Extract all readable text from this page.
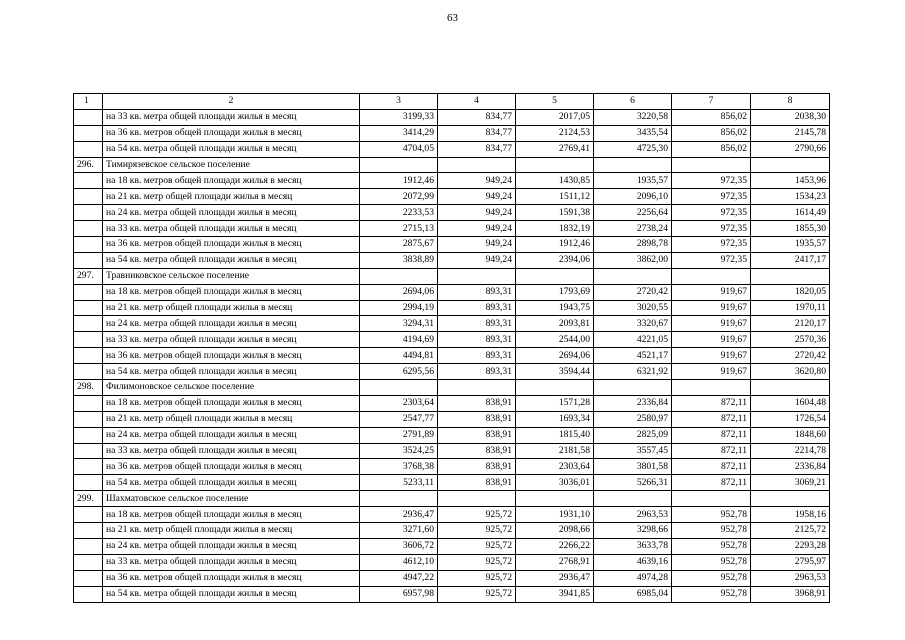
63
1	2	3	4	5	6	7	8
	на 33 кв. метра общей площади жилья в месяц	3199,33	834,77	2017,05	3220,58	856,02	2038,30
	на 36 кв. метров общей площади жилья в месяц	3414,29	834,77	2124,53	3435,54	856,02	2145,78
	на 54 кв. метра общей площади жилья в месяц	4704,05	834,77	2769,41	4725,30	856,02	2790,66
296.	Тимирязевское сельское поселение						
	на 18 кв. метров общей площади жилья в месяц	1912,46	949,24	1430,85	1935,57	972,35	1453,96
	на 21 кв. метр общей площади жилья в месяц	2072,99	949,24	1511,12	2096,10	972,35	1534,23
	на 24 кв. метра общей площади жилья в месяц	2233,53	949,24	1591,38	2256,64	972,35	1614,49
	на 33 кв. метра общей площади жилья в месяц	2715,13	949,24	1832,19	2738,24	972,35	1855,30
	на 36 кв. метров общей площади жилья в месяц	2875,67	949,24	1912,46	2898,78	972,35	1935,57
	на 54 кв. метра общей площади жилья в месяц	3838,89	949,24	2394,06	3862,00	972,35	2417,17
297.	Травниковское сельское поселение						
	на 18 кв. метров общей площади жилья в месяц	2694,06	893,31	1793,69	2720,42	919,67	1820,05
	на 21 кв. метр общей площади жилья в месяц	2994,19	893,31	1943,75	3020,55	919,67	1970,11
	на 24 кв. метра общей площади жилья в месяц	3294,31	893,31	2093,81	3320,67	919,67	2120,17
	на 33 кв. метра общей площади жилья в месяц	4194,69	893,31	2544,00	4221,05	919,67	2570,36
	на 36 кв. метров общей площади жилья в месяц	4494,81	893,31	2694,06	4521,17	919,67	2720,42
	на 54 кв. метра общей площади жилья в месяц	6295,56	893,31	3594,44	6321,92	919,67	3620,80
298.	Филимоновское сельское поселение						
	на 18 кв. метров общей площади жилья в месяц	2303,64	838,91	1571,28	2336,84	872,11	1604,48
	на 21 кв. метр общей площади жилья в месяц	2547,77	838,91	1693,34	2580,97	872,11	1726,54
	на 24 кв. метра общей площади жилья в месяц	2791,89	838,91	1815,40	2825,09	872,11	1848,60
	на 33 кв. метра общей площади жилья в месяц	3524,25	838,91	2181,58	3557,45	872,11	2214,78
	на 36 кв. метров общей площади жилья в месяц	3768,38	838,91	2303,64	3801,58	872,11	2336,84
	на 54 кв. метра общей площади жилья в месяц	5233,11	838,91	3036,01	5266,31	872,11	3069,21
299.	Шахматовское сельское поселение						
	на 18 кв. метров общей площади жилья в месяц	2936,47	925,72	1931,10	2963,53	952,78	1958,16
	на 21 кв. метр общей площади жилья в месяц	3271,60	925,72	2098,66	3298,66	952,78	2125,72
	на 24 кв. метра общей площади жилья в месяц	3606,72	925,72	2266,22	3633,78	952,78	2293,28
	на 33 кв. метра общей площади жилья в месяц	4612,10	925,72	2768,91	4639,16	952,78	2795,97
	на 36 кв. метров общей площади жилья в месяц	4947,22	925,72	2936,47	4974,28	952,78	2963,53
	на 54 кв. метра общей площади жилья в месяц	6957,98	925,72	3941,85	6985,04	952,78	3968,91
